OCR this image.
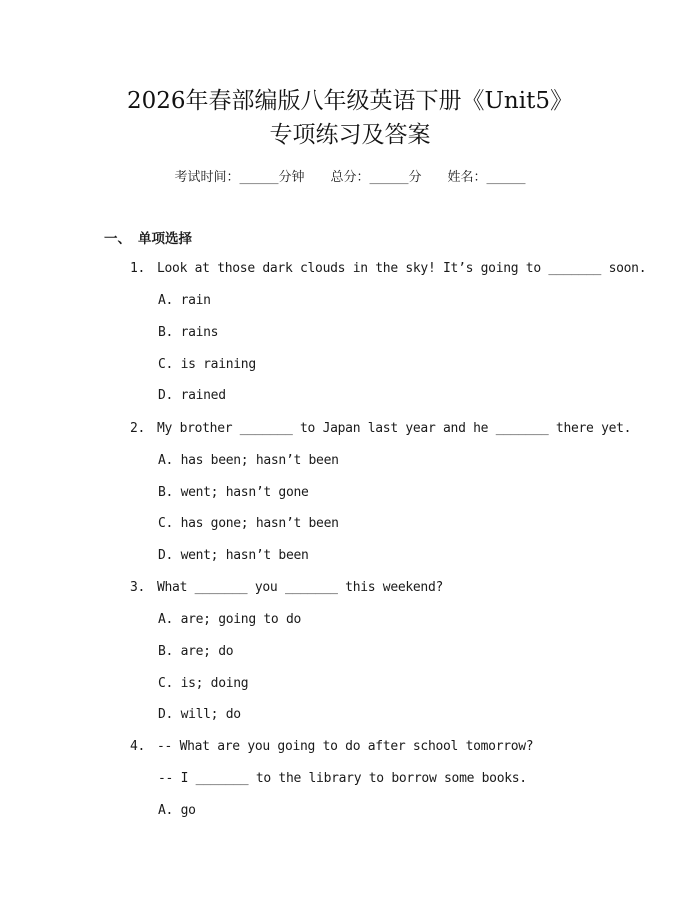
2026年春部编版八年级英语下册《Unit5》
专项练习及答案
考试时间：______分钟 总分：______分 姓名：______
一、 单项选择
1. Look at those dark clouds in the sky! It’s going to _______ soon.
A. rain
B. rains
C. is raining
D. rained
2. My brother _______ to Japan last year and he _______ there yet.
A. has been; hasn’t been
B. went; hasn’t gone
C. has gone; hasn’t been
D. went; hasn’t been
3. What _______ you _______ this weekend?
A. are; going to do
B. are; do
C. is; doing
D. will; do
4. -- What are you going to do after school tomorrow?
-- I _______ to the library to borrow some books.
A. go
